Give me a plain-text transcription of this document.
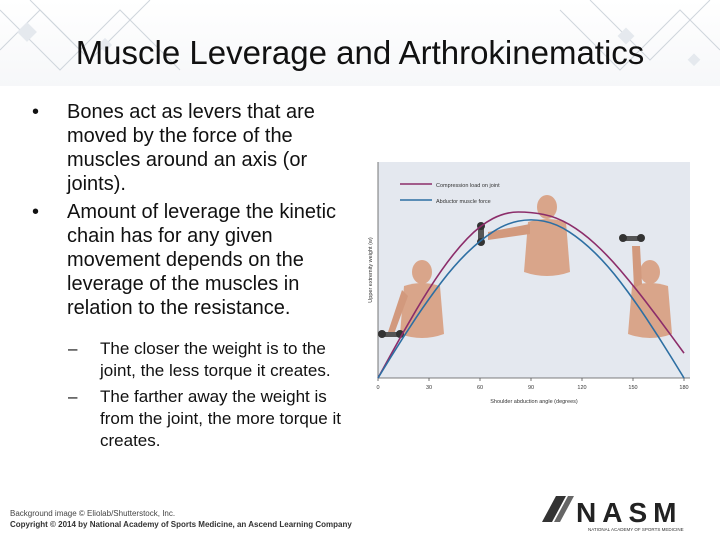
Muscle Leverage and Arthrokinematics
• Bones act as levers that are moved by the force of the muscles around an axis (or joints).
• Amount of leverage the kinetic chain has for any given movement depends on the leverage of the muscles in relation to the resistance.
– The closer the weight is to the joint, the less torque it creates.
– The farther away the weight is from the joint, the more torque it creates.
Compression load on joint
Abductor muscle force
Upper extremity weight (w)
0	30	60	90	120	150	180
Shoulder abduction angle (degrees)
Background image © Eliolab/Shutterstock, Inc.
Copyright © 2014 by National Academy of Sports Medicine, an Ascend Learning Company	NASM
NATIONAL ACADEMY OF SPORTS MEDICINE
